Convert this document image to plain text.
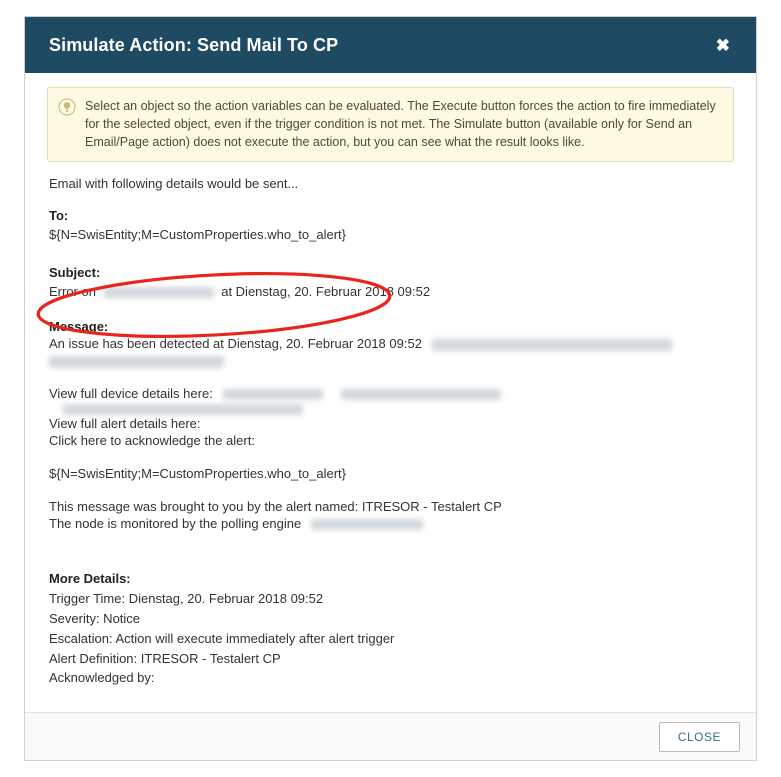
Simulate Action: Send Mail To CP	✖
Select an object so the action variables can be evaluated. The Execute button forces the action to fire immediately for the selected object, even if the trigger condition is not met. The Simulate button (available only for Send an Email/Page action) does not execute the action, but you can see what the result looks like.
Email with following details would be sent...
To:
${N=SwisEntity;M=CustomProperties.who_to_alert}
Subject:
Error on	at Dienstag, 20. Februar 2018 09:52
Message:
An issue has been detected at Dienstag, 20. Februar 2018 09:52
View full device details here:
View full alert details here:
Click here to acknowledge the alert:
${N=SwisEntity;M=CustomProperties.who_to_alert}
This message was brought to you by the alert named: ITRESOR - Testalert CP
The node is monitored by the polling engine
More Details:
Trigger Time: Dienstag, 20. Februar 2018 09:52
Severity: Notice
Escalation: Action will execute immediately after alert trigger
Alert Definition: ITRESOR - Testalert CP
Acknowledged by:
CLOSE
